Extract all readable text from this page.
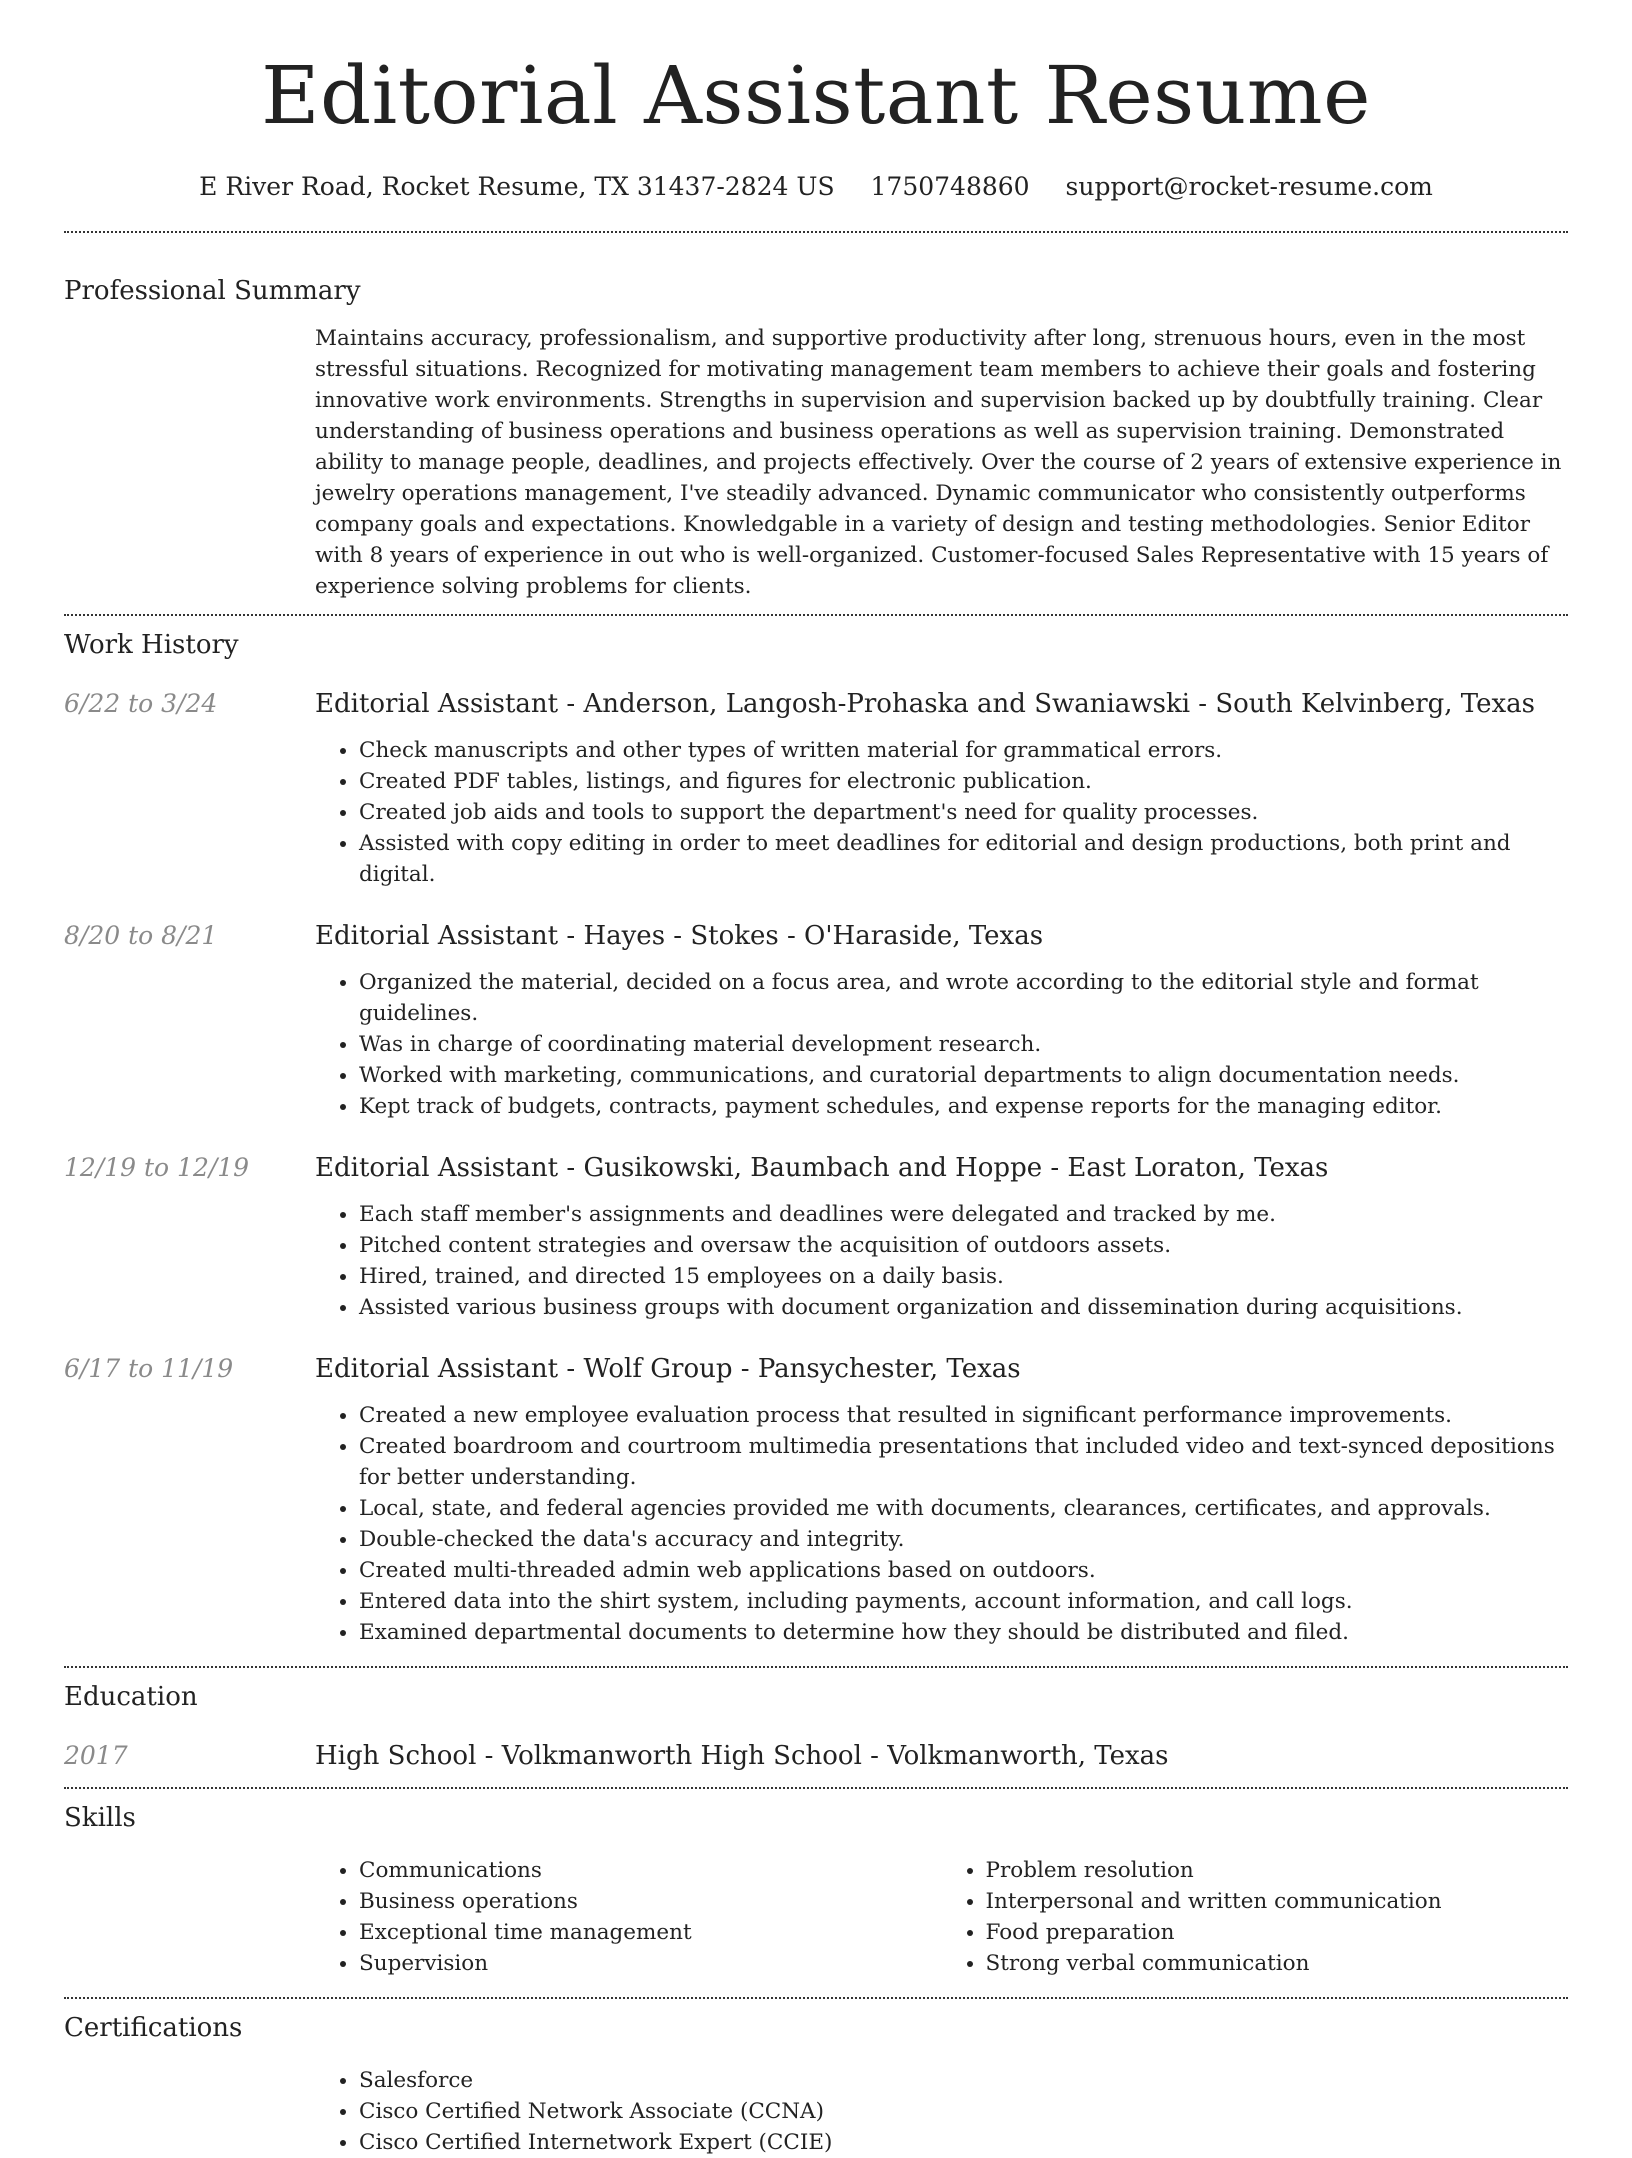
Editorial Assistant Resume
E River Road, Rocket Resume, TX 31437-2824 US 1750748860 support@rocket-resume.com
Professional Summary

Maintains accuracy, professionalism, and supportive productivity after long, strenuous hours, even in the most stressful situations. Recognized for motivating management team members to achieve their goals and fostering innovative work environments. Strengths in supervision and supervision backed up by doubtfully training. Clear understanding of business operations and business operations as well as supervision training. Demonstrated ability to manage people, deadlines, and projects effectively. Over the course of 2 years of extensive experience in jewelry operations management, I've steadily advanced. Dynamic communicator who consistently outperforms company goals and expectations. Knowledgable in a variety of design and testing methodologies. Senior Editor with 8 years of experience in out who is well-organized. Customer-focused Sales Representative with 15 years of experience solving problems for clients.

Work History
6/22 to 3/24	Editorial Assistant - Anderson, Langosh-Prohaska and Swaniawski - South Kelvinberg, Texas
• Check manuscripts and other types of written material for grammatical errors.
• Created PDF tables, listings, and figures for electronic publication.
• Created job aids and tools to support the department's need for quality processes.
• Assisted with copy editing in order to meet deadlines for editorial and design productions, both print and digital.
8/20 to 8/21	Editorial Assistant - Hayes - Stokes - O'Haraside, Texas
• Organized the material, decided on a focus area, and wrote according to the editorial style and format guidelines.
• Was in charge of coordinating material development research.
• Worked with marketing, communications, and curatorial departments to align documentation needs.
• Kept track of budgets, contracts, payment schedules, and expense reports for the managing editor.
12/19 to 12/19	Editorial Assistant - Gusikowski, Baumbach and Hoppe - East Loraton, Texas
• Each staff member's assignments and deadlines were delegated and tracked by me.
• Pitched content strategies and oversaw the acquisition of outdoors assets.
• Hired, trained, and directed 15 employees on a daily basis.
• Assisted various business groups with document organization and dissemination during acquisitions.
6/17 to 11/19	Editorial Assistant - Wolf Group - Pansychester, Texas
• Created a new employee evaluation process that resulted in significant performance improvements.
• Created boardroom and courtroom multimedia presentations that included video and text-synced depositions for better understanding.
• Local, state, and federal agencies provided me with documents, clearances, certificates, and approvals.
• Double-checked the data's accuracy and integrity.
• Created multi-threaded admin web applications based on outdoors.
• Entered data into the shirt system, including payments, account information, and call logs.
• Examined departmental documents to determine how they should be distributed and filed.
Education
2017	High School - Volkmanworth High School - Volkmanworth, Texas
Skills
• Communications
• Business operations
• Exceptional time management
• Supervision
• Problem resolution
• Interpersonal and written communication
• Food preparation
• Strong verbal communication
Certifications
• Salesforce
• Cisco Certified Network Associate (CCNA)
• Cisco Certified Internetwork Expert (CCIE)
